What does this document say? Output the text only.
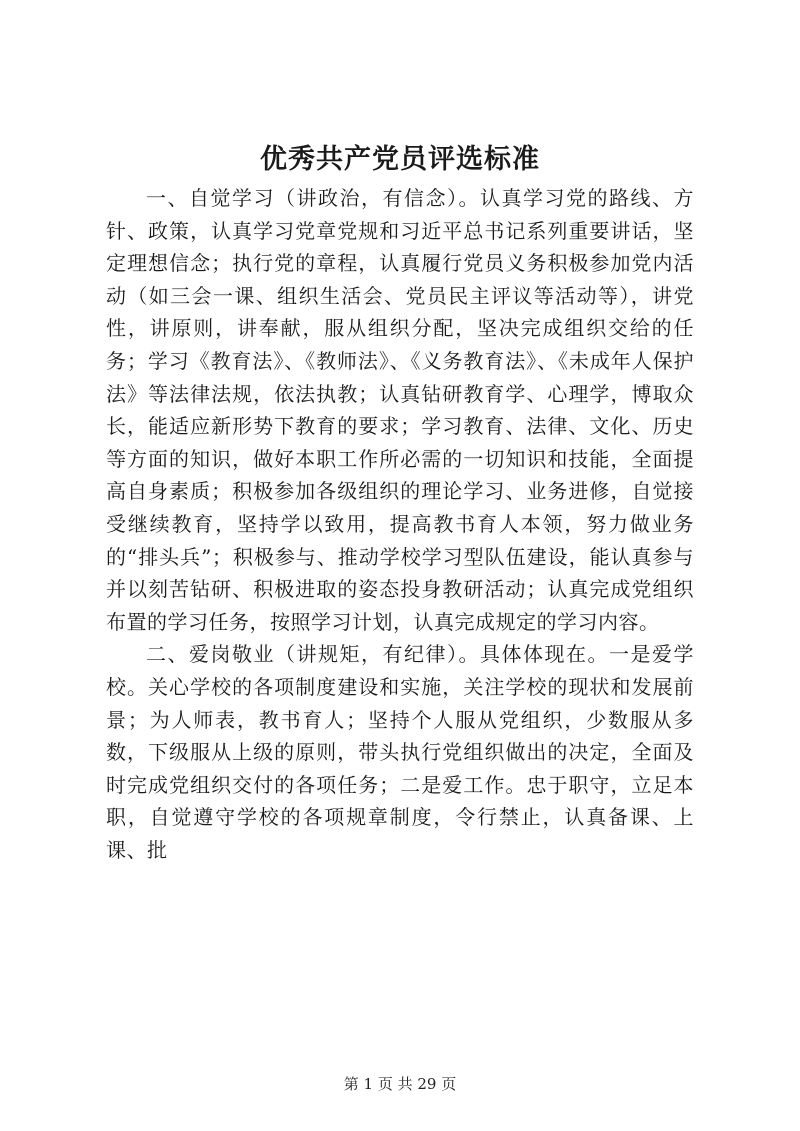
优秀共产党员评选标准

一、自觉学习（讲政治，有信念）。认真学习党的路线、方针、政策，认真学习党章党规和习近平总书记系列重要讲话，坚定理想信念；执行党的章程，认真履行党员义务积极参加党内活动（如三会一课、组织生活会、党员民主评议等活动等），讲党性，讲原则，讲奉献，服从组织分配，坚决完成组织交给的任务；学习《教育法》、《教师法》、《义务教育法》、《未成年人保护法》等法律法规，依法执教；认真钻研教育学、心理学，博取众长，能适应新形势下教育的要求；学习教育、法律、文化、历史等方面的知识，做好本职工作所必需的一切知识和技能，全面提高自身素质；积极参加各级组织的理论学习、业务进修，自觉接受继续教育，坚持学以致用，提高教书育人本领，努力做业务的“排头兵”；积极参与、推动学校学习型队伍建设，能认真参与并以刻苦钻研、积极进取的姿态投身教研活动；认真完成党组织布置的学习任务，按照学习计划，认真完成规定的学习内容。

二、爱岗敬业（讲规矩，有纪律）。具体体现在。一是爱学校。关心学校的各项制度建设和实施，关注学校的现状和发展前景；为人师表，教书育人；坚持个人服从党组织，少数服从多数，下级服从上级的原则，带头执行党组织做出的决定，全面及时完成党组织交付的各项任务；二是爱工作。忠于职守，立足本职，自觉遵守学校的各项规章制度，令行禁止，认真备课、上课、批

第 1 页 共 29 页
